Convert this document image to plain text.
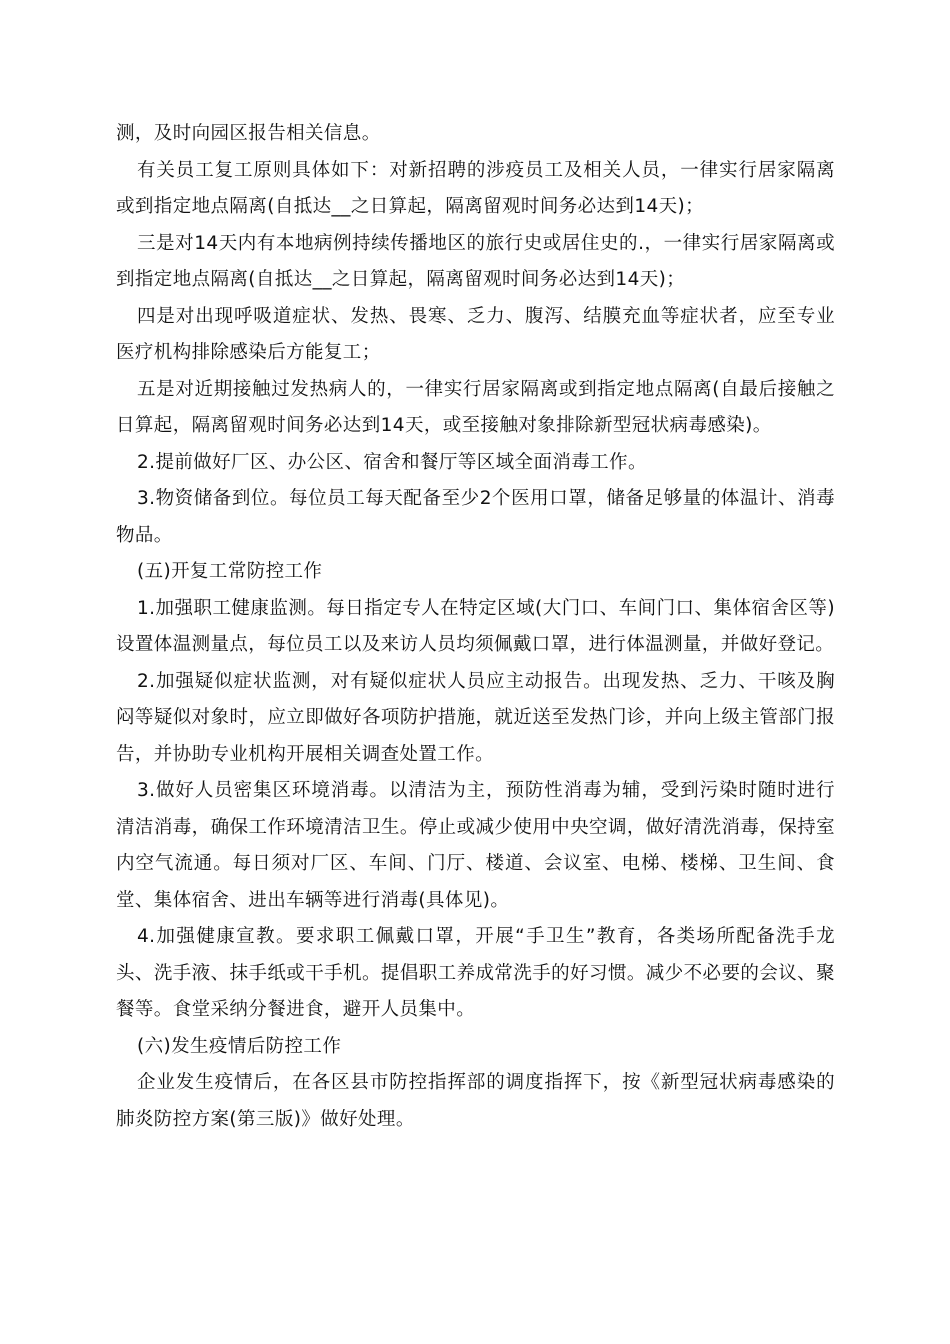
测，及时向园区报告相关信息。

有关员工复工原则具体如下：对新招聘的涉疫员工及相关人员，一律实行居家隔离或到指定地点隔离(自抵达__之日算起，隔离留观时间务必达到14天)；

三是对14天内有本地病例持续传播地区的旅行史或居住史的.，一律实行居家隔离或到指定地点隔离(自抵达__之日算起，隔离留观时间务必达到14天)；

四是对出现呼吸道症状、发热、畏寒、乏力、腹泻、结膜充血等症状者，应至专业医疗机构排除感染后方能复工；

五是对近期接触过发热病人的，一律实行居家隔离或到指定地点隔离(自最后接触之日算起，隔离留观时间务必达到14天，或至接触对象排除新型冠状病毒感染)。

2.提前做好厂区、办公区、宿舍和餐厅等区域全面消毒工作。

3.物资储备到位。每位员工每天配备至少2个医用口罩，储备足够量的体温计、消毒物品。

(五)开复工常防控工作

1.加强职工健康监测。每日指定专人在特定区域(大门口、车间门口、集体宿舍区等)设置体温测量点，每位员工以及来访人员均须佩戴口罩，进行体温测量，并做好登记。

2.加强疑似症状监测，对有疑似症状人员应主动报告。出现发热、乏力、干咳及胸闷等疑似对象时，应立即做好各项防护措施，就近送至发热门诊，并向上级主管部门报告，并协助专业机构开展相关调查处置工作。

3.做好人员密集区环境消毒。以清洁为主，预防性消毒为辅，受到污染时随时进行清洁消毒，确保工作环境清洁卫生。停止或减少使用中央空调，做好清洗消毒，保持室内空气流通。每日须对厂区、车间、门厅、楼道、会议室、电梯、楼梯、卫生间、食堂、集体宿舍、进出车辆等进行消毒(具体见)。

4.加强健康宣教。要求职工佩戴口罩，开展“手卫生”教育，各类场所配备洗手龙头、洗手液、抹手纸或干手机。提倡职工养成常洗手的好习惯。减少不必要的会议、聚餐等。食堂采纳分餐进食，避开人员集中。

(六)发生疫情后防控工作

企业发生疫情后，在各区县市防控指挥部的调度指挥下，按《新型冠状病毒感染的肺炎防控方案(第三版)》做好处理。
